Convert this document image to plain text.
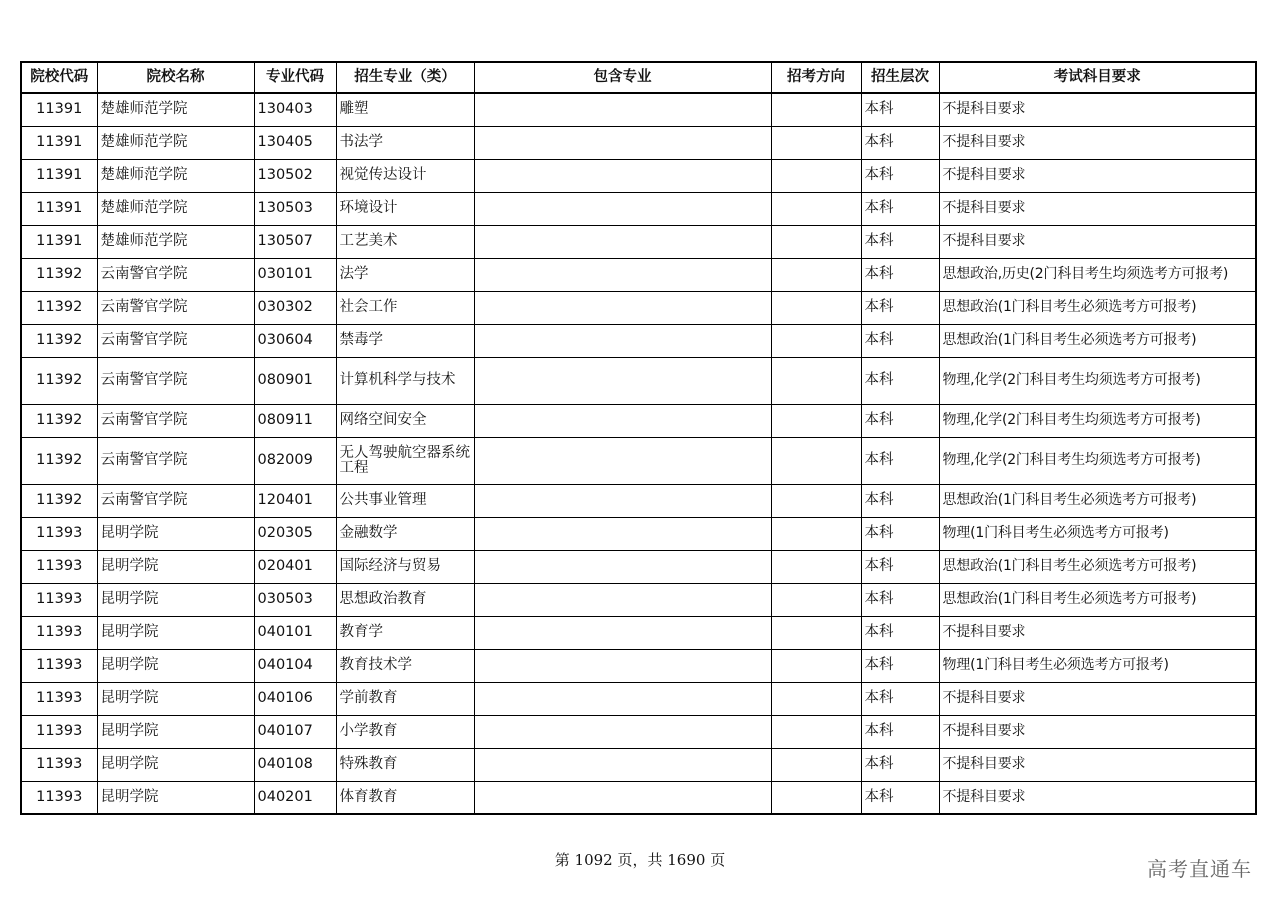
院校代码	院校名称	专业代码	招生专业（类）	包含专业	招考方向	招生层次	考试科目要求
11391	楚雄师范学院	130403	雕塑			本科	不提科目要求
11391	楚雄师范学院	130405	书法学			本科	不提科目要求
11391	楚雄师范学院	130502	视觉传达设计			本科	不提科目要求
11391	楚雄师范学院	130503	环境设计			本科	不提科目要求
11391	楚雄师范学院	130507	工艺美术			本科	不提科目要求
11392	云南警官学院	030101	法学			本科	思想政治,历史(2门科目考生均须选考方可报考)
11392	云南警官学院	030302	社会工作			本科	思想政治(1门科目考生必须选考方可报考)
11392	云南警官学院	030604	禁毒学			本科	思想政治(1门科目考生必须选考方可报考)
11392	云南警官学院	080901	计算机科学与技术			本科	物理,化学(2门科目考生均须选考方可报考)
11392	云南警官学院	080911	网络空间安全			本科	物理,化学(2门科目考生均须选考方可报考)
11392	云南警官学院	082009	无人驾驶航空器系统工程			本科	物理,化学(2门科目考生均须选考方可报考)
11392	云南警官学院	120401	公共事业管理			本科	思想政治(1门科目考生必须选考方可报考)
11393	昆明学院	020305	金融数学			本科	物理(1门科目考生必须选考方可报考)
11393	昆明学院	020401	国际经济与贸易			本科	思想政治(1门科目考生必须选考方可报考)
11393	昆明学院	030503	思想政治教育			本科	思想政治(1门科目考生必须选考方可报考)
11393	昆明学院	040101	教育学			本科	不提科目要求
11393	昆明学院	040104	教育技术学			本科	物理(1门科目考生必须选考方可报考)
11393	昆明学院	040106	学前教育			本科	不提科目要求
11393	昆明学院	040107	小学教育			本科	不提科目要求
11393	昆明学院	040108	特殊教育			本科	不提科目要求
11393	昆明学院	040201	体育教育			本科	不提科目要求
第 1092 页，共 1690 页	高考直通车
